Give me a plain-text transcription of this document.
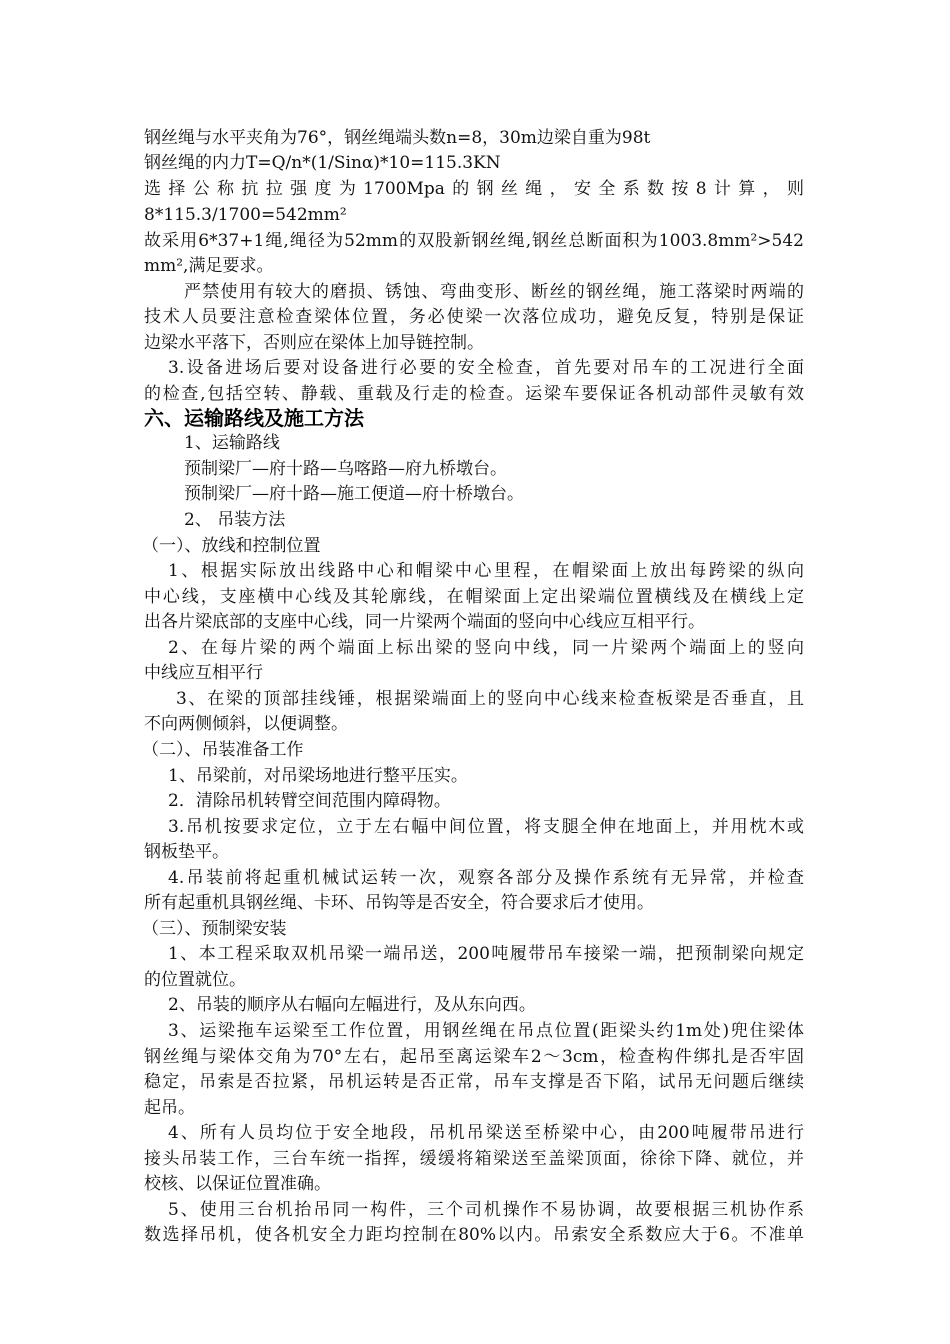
钢丝绳与水平夹角为76°，钢丝绳端头数n=8，30m边梁自重为98t
钢丝绳的内力T=Q/n*(1/Sinα)*10=115.3KN
选择公称抗拉强度为1700Mpa的钢丝绳，安全系数按8计算，则
8*115.3/1700=542mm²
故采用6*37+1绳,绳径为52mm的双股新钢丝绳,钢丝总断面积为1003.8mm²>542
mm²,满足要求。
严禁使用有较大的磨损、锈蚀、弯曲变形、断丝的钢丝绳，施工落梁时两端的
技术人员要注意检查梁体位置，务必使梁一次落位成功，避免反复，特别是保证
边梁水平落下，否则应在梁体上加导链控制。
3.设备进场后要对设备进行必要的安全检查，首先要对吊车的工况进行全面
的检查,包括空转、静载、重载及行走的检查。运梁车要保证各机动部件灵敏有效
六、运输路线及施工方法
1、运输路线
预制梁厂—府十路—乌喀路—府九桥墩台。
预制梁厂—府十路—施工便道—府十桥墩台。
2、 吊装方法
（一）、放线和控制位置
1、根据实际放出线路中心和帽梁中心里程，在帽梁面上放出每跨梁的纵向
中心线，支座横中心线及其轮廓线，在帽梁面上定出梁端位置横线及在横线上定
出各片梁底部的支座中心线，同一片梁两个端面的竖向中心线应互相平行。
2、在每片梁的两个端面上标出梁的竖向中线，同一片梁两个端面上的竖向
中线应互相平行
3、在梁的顶部挂线锤，根据梁端面上的竖向中心线来检查板梁是否垂直，且
不向两侧倾斜，以便调整。
（二）、吊装准备工作
1、吊梁前，对吊梁场地进行整平压实。
2．清除吊机转臂空间范围内障碍物。
3.吊机按要求定位，立于左右幅中间位置，将支腿全伸在地面上，并用枕木或
钢板垫平。
4.吊装前将起重机械试运转一次，观察各部分及操作系统有无异常，并检查
所有起重机具钢丝绳、卡环、吊钩等是否安全，符合要求后才使用。
（三）、预制梁安装
1、本工程采取双机吊梁一端吊送，200吨履带吊车接梁一端，把预制梁向规定
的位置就位。
2、吊装的顺序从右幅向左幅进行，及从东向西。
3、运梁拖车运梁至工作位置，用钢丝绳在吊点位置(距梁头约1m处)兜住梁体
钢丝绳与梁体交角为70°左右，起吊至离运梁车2～3cm，检查构件绑扎是否牢固
稳定，吊索是否拉紧，吊机运转是否正常，吊车支撑是否下陷，试吊无问题后继续
起吊。
4、所有人员均位于安全地段，吊机吊梁送至桥梁中心，由200吨履带吊进行
接头吊装工作，三台车统一指挥，缓缓将箱梁送至盖梁顶面，徐徐下降、就位，并
校核、以保证位置准确。
5、使用三台机抬吊同一构件，三个司机操作不易协调，故要根据三机协作系
数选择吊机，使各机安全力距均控制在80%以内。吊索安全系数应大于6。不准单
